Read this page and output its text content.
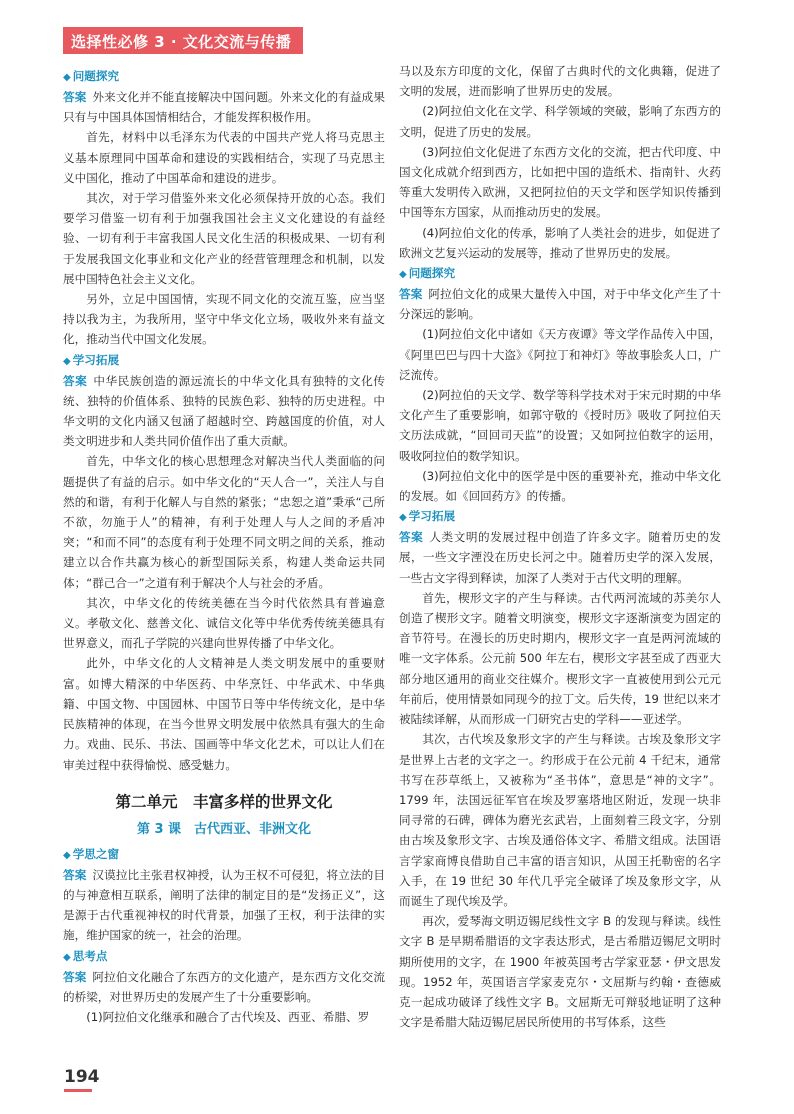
选择性必修 3 · 文化交流与传播
◆ 问题探究

答案 外来文化并不能直接解决中国问题。外来文化的有益成果只有与中国具体国情相结合，才能发挥积极作用。

首先，材料中以毛泽东为代表的中国共产党人将马克思主义基本原理同中国革命和建设的实践相结合，实现了马克思主义中国化，推动了中国革命和建设的进步。

其次，对于学习借鉴外来文化必须保持开放的心态。我们要学习借鉴一切有利于加强我国社会主义文化建设的有益经验、一切有利于丰富我国人民文化生活的积极成果、一切有利于发展我国文化事业和文化产业的经营管理理念和机制，以发展中国特色社会主义文化。

另外，立足中国国情，实现不同文化的交流互鉴，应当坚持以我为主，为我所用，坚守中华文化立场，吸收外来有益文化，推动当代中国文化发展。

◆ 学习拓展

答案 中华民族创造的源远流长的中华文化具有独特的文化传统、独特的价值体系、独特的民族色彩、独特的历史进程。中华文明的文化内涵又包涵了超越时空、跨越国度的价值，对人类文明进步和人类共同价值作出了重大贡献。

首先，中华文化的核心思想理念对解决当代人类面临的问题提供了有益的启示。如中华文化的“天人合一”，关注人与自然的和谐，有利于化解人与自然的紧张；“忠恕之道”秉承“己所不欲，勿施于人”的精神，有利于处理人与人之间的矛盾冲突；“和而不同”的态度有利于处理不同文明之间的关系，推动建立以合作共赢为核心的新型国际关系，构建人类命运共同体；“群己合一”之道有利于解决个人与社会的矛盾。

其次，中华文化的传统美德在当今时代依然具有普遍意义。孝敬文化、慈善文化、诚信文化等中华优秀传统美德具有世界意义，而孔子学院的兴建向世界传播了中华文化。

此外，中华文化的人文精神是人类文明发展中的重要财富。如博大精深的中华医药、中华烹饪、中华武术、中华典籍、中国文物、中国园林、中国节日等中华传统文化，是中华民族精神的体现，在当今世界文明发展中依然具有强大的生命力。戏曲、民乐、书法、国画等中华文化艺术，可以让人们在审美过程中获得愉悦、感受魅力。

第二单元　丰富多样的世界文化
第 3 课　古代西亚、非洲文化
◆ 学思之窗

答案 汉谟拉比主张君权神授，认为王权不可侵犯，将立法的目的与神意相互联系，阐明了法律的制定目的是“发扬正义”，这是源于古代重视神权的时代背景，加强了王权，利于法律的实施，维护国家的统一，社会的治理。

◆ 思考点

答案 阿拉伯文化融合了东西方的文化遗产，是东西方文化交流的桥梁，对世界历史的发展产生了十分重要影响。

(1)阿拉伯文化继承和融合了古代埃及、西亚、希腊、罗

马以及东方印度的文化，保留了古典时代的文化典籍，促进了文明的发展，进而影响了世界历史的发展。

(2)阿拉伯文化在文学、科学领域的突破，影响了东西方的文明，促进了历史的发展。

(3)阿拉伯文化促进了东西方文化的交流，把古代印度、中国文化成就介绍到西方，比如把中国的造纸术、指南针、火药等重大发明传入欧洲，又把阿拉伯的天文学和医学知识传播到中国等东方国家，从而推动历史的发展。

(4)阿拉伯文化的传承，影响了人类社会的进步，如促进了欧洲文艺复兴运动的发展等，推动了世界历史的发展。

◆ 问题探究

答案 阿拉伯文化的成果大量传入中国，对于中华文化产生了十分深远的影响。

(1)阿拉伯文化中诸如《天方夜谭》等文学作品传入中国，《阿里巴巴与四十大盗》《阿拉丁和神灯》等故事脍炙人口，广泛流传。

(2)阿拉伯的天文学、数学等科学技术对于宋元时期的中华文化产生了重要影响，如郭守敬的《授时历》吸收了阿拉伯天文历法成就，“回回司天监”的设置；又如阿拉伯数字的运用，吸收阿拉伯的数学知识。

(3)阿拉伯文化中的医学是中医的重要补充，推动中华文化的发展。如《回回药方》的传播。

◆ 学习拓展

答案 人类文明的发展过程中创造了许多文字。随着历史的发展，一些文字湮没在历史长河之中。随着历史学的深入发展，一些古文字得到释读，加深了人类对于古代文明的理解。

首先，楔形文字的产生与释读。古代两河流域的苏美尔人创造了楔形文字。随着文明演变，楔形文字逐渐演变为固定的音节符号。在漫长的历史时期内，楔形文字一直是两河流域的唯一文字体系。公元前 500 年左右，楔形文字甚至成了西亚大部分地区通用的商业交往媒介。楔形文字一直被使用到公元元年前后，使用情景如同现今的拉丁文。后失传，19 世纪以来才被陆续译解，从而形成一门研究古史的学科——亚述学。

其次，古代埃及象形文字的产生与释读。古埃及象形文字是世界上古老的文字之一。约形成于在公元前 4 千纪末，通常书写在莎草纸上，又被称为“圣书体”，意思是“神的文字”。1799 年，法国远征军官在埃及罗塞塔地区附近，发现一块非同寻常的石碑，碑体为磨光玄武岩，上面刻着三段文字，分别由古埃及象形文字、古埃及通俗体文字、希腊文组成。法国语言学家商博良借助自己丰富的语言知识，从国王托勒密的名字入手，在 19 世纪 30 年代几乎完全破译了埃及象形文字，从而诞生了现代埃及学。

再次，爱琴海文明迈锡尼线性文字 B 的发现与释读。线性文字 B 是早期希腊语的文字表达形式，是古希腊迈锡尼文明时期所使用的文字，在 1900 年被英国考古学家亚瑟・伊文思发现。1952 年，英国语言学家麦克尔・文屈斯与约翰・查德威克一起成功破译了线性文字 B。文屈斯无可辩驳地证明了这种文字是希腊大陆迈锡尼居民所使用的书写体系，这些

194
